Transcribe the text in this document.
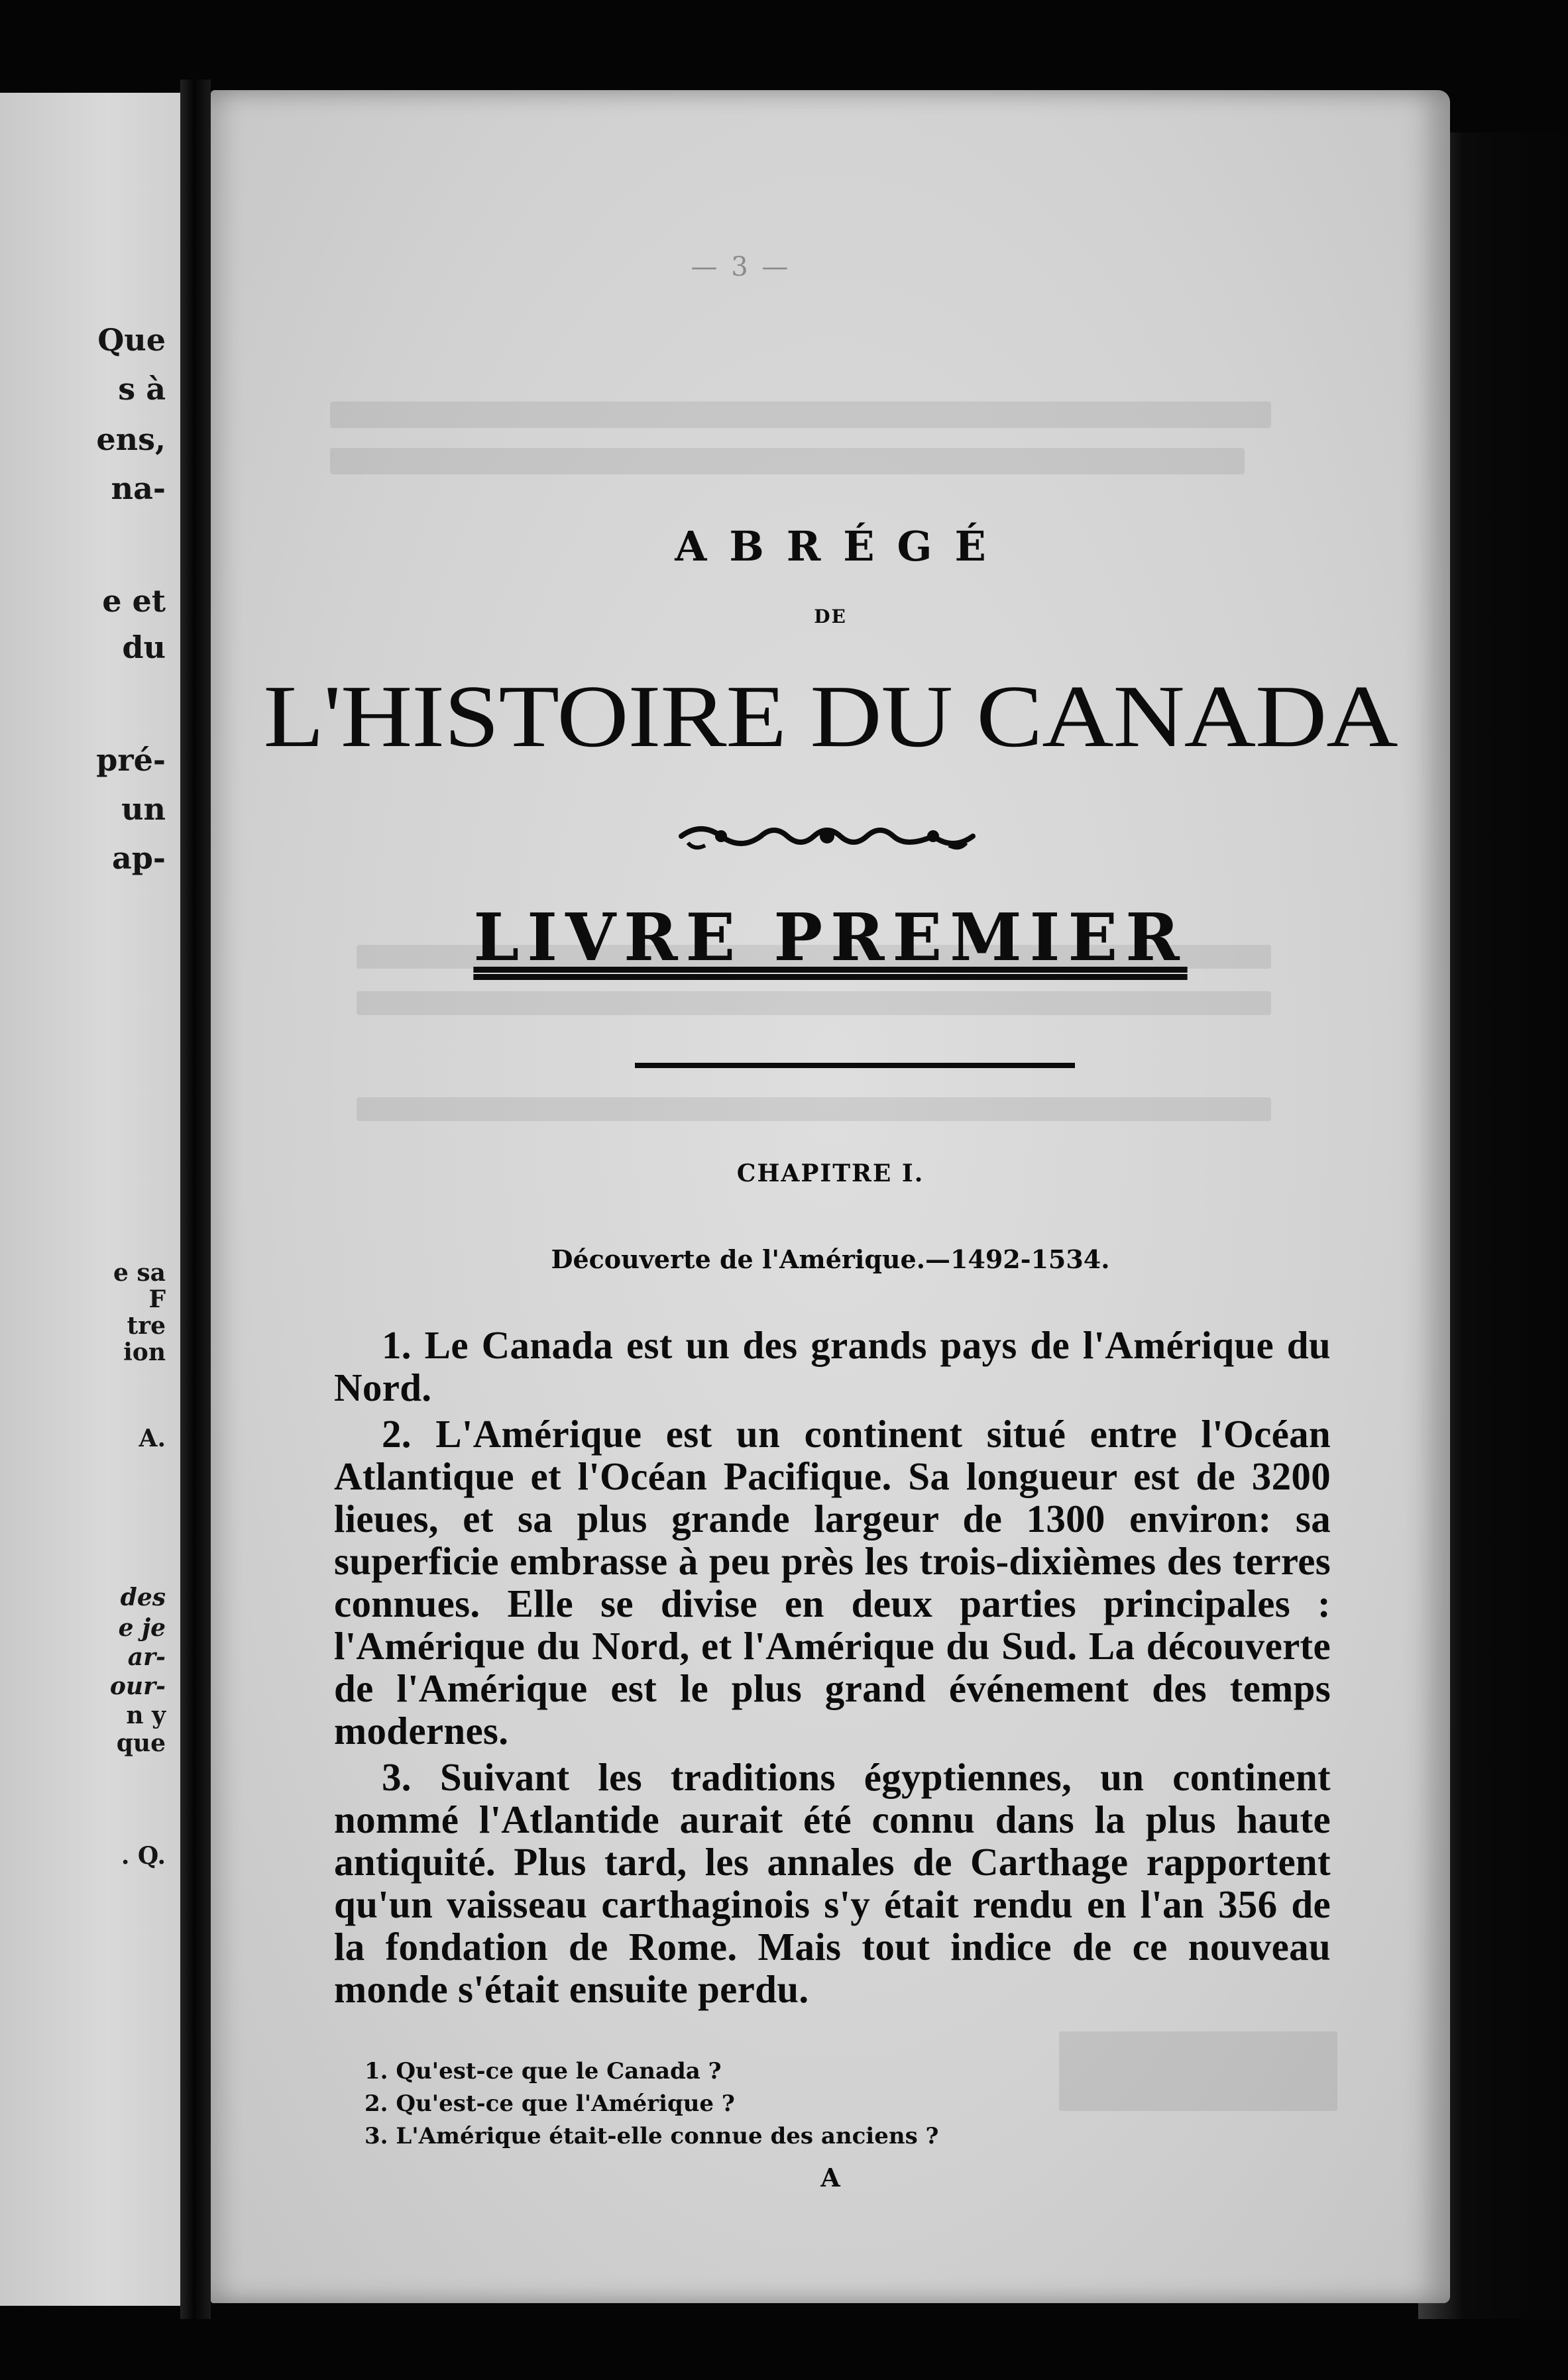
Que
s à
ens,
na-
e et
du
pré-
un
ap-
e sa
F
tre
ion
A.
des
e je
ar-
our-
n y
que
. Q.
— 3 —
ABRÉGÉ
DE
L'HISTOIRE DU CANADA
LIVRE PREMIER
CHAPITRE I.
Découverte de l'Amérique.—1492-1534.

1. Le Canada est un des grands pays de l'Amérique du Nord.

2. L'Amérique est un continent situé entre l'Océan Atlantique et l'Océan Pacifique. Sa longueur est de 3200 lieues, et sa plus grande largeur de 1300 environ: sa superficie embrasse à peu près les trois-dixièmes des terres connues. Elle se divise en deux parties principales : l'Amérique du Nord, et l'Amérique du Sud. La découverte de l'Amérique est le plus grand événement des temps modernes.

3. Suivant les traditions égyptiennes, un continent nommé l'Atlantide aurait été connu dans la plus haute antiquité. Plus tard, les annales de Carthage rapportent qu'un vaisseau carthaginois s'y était rendu en l'an 356 de la fondation de Rome. Mais tout indice de ce nouveau monde s'était ensuite perdu.

1. Qu'est-ce que le Canada ?
2. Qu'est-ce que l'Amérique ?
3. L'Amérique était-elle connue des anciens ?
A
